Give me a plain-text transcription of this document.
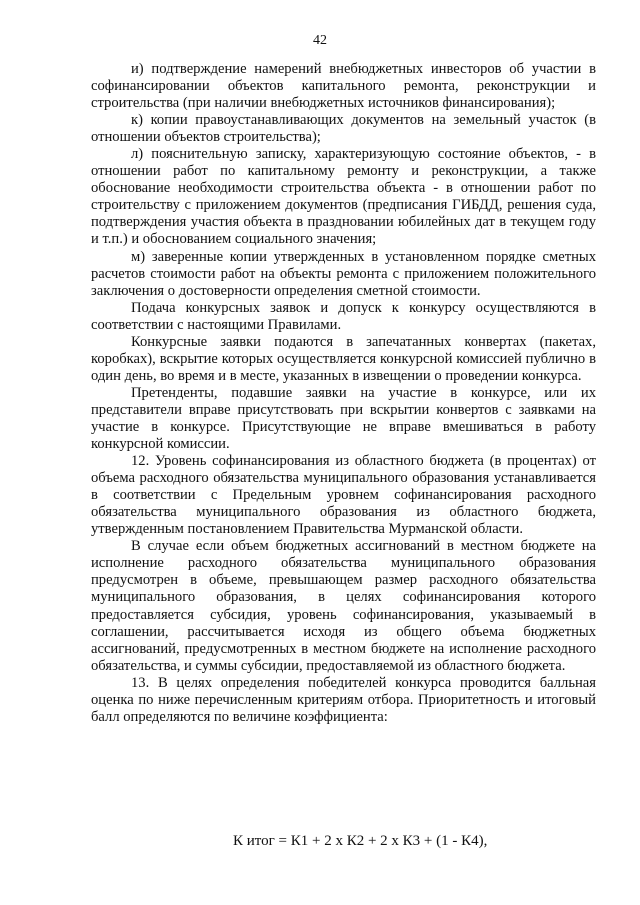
42

и) подтверждение намерений внебюджетных инвесторов об участии в софинансировании объектов капитального ремонта, реконструкции и строительства (при наличии внебюджетных источников финансирования);

к) копии правоустанавливающих документов на земельный участок (в отношении объектов строительства);

л) пояснительную записку, характеризующую состояние объектов, - в отношении работ по капитальному ремонту и реконструкции, а также обоснование необходимости строительства объекта - в отношении работ по строительству с приложением документов (предписания ГИБДД, решения суда, подтверждения участия объекта в праздновании юбилейных дат в текущем году и т.п.) и обоснованием социального значения;

м) заверенные копии утвержденных в установленном порядке сметных расчетов стоимости работ на объекты ремонта с приложением положительного заключения о достоверности определения сметной стоимости.

Подача конкурсных заявок и допуск к конкурсу осуществляются в соответствии с настоящими Правилами.

Конкурсные заявки подаются в запечатанных конвертах (пакетах, коробках), вскрытие которых осуществляется конкурсной комиссией публично в один день, во время и в месте, указанных в извещении о проведении конкурса.

Претенденты, подавшие заявки на участие в конкурсе, или их представители вправе присутствовать при вскрытии конвертов с заявками на участие в конкурсе. Присутствующие не вправе вмешиваться в работу конкурсной комиссии.

12. Уровень софинансирования из областного бюджета (в процентах) от объема расходного обязательства муниципального образования устанавливается в соответствии с Предельным уровнем софинансирования расходного обязательства муниципального образования из областного бюджета, утвержденным постановлением Правительства Мурманской области.

В случае если объем бюджетных ассигнований в местном бюджете на исполнение расходного обязательства муниципального образования предусмотрен в объеме, превышающем размер расходного обязательства муниципального образования, в целях софинансирования которого предоставляется субсидия, уровень софинансирования, указываемый в соглашении, рассчитывается исходя из общего объема бюджетных ассигнований, предусмотренных в местном бюджете на исполнение расходного обязательства, и суммы субсидии, предоставляемой из областного бюджета.

13. В целях определения победителей конкурса проводится балльная оценка по ниже перечисленным критериям отбора. Приоритетность и итоговый балл определяются по величине коэффициента:

К итог = К1 + 2 х К2 + 2 х К3 + (1 - К4),
